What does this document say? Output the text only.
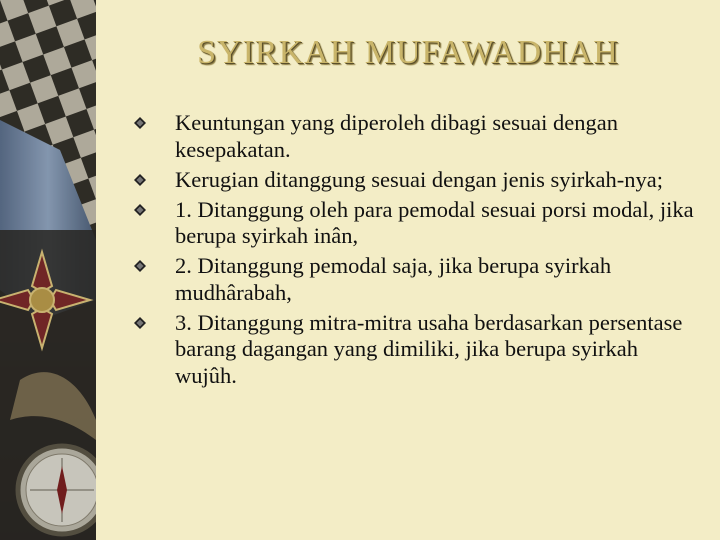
SYIRKAH MUFAWADHAH
Keuntungan yang diperoleh dibagi sesuai dengan kesepakatan.
Kerugian ditanggung sesuai dengan jenis syirkah-nya;
1. Ditanggung oleh para pemodal sesuai porsi modal, jika berupa syirkah inân,
2. Ditanggung pemodal saja, jika berupa syirkah mudhârabah,
3. Ditanggung mitra-mitra usaha berdasarkan persentase barang dagangan yang dimiliki, jika berupa syirkah wujûh.
